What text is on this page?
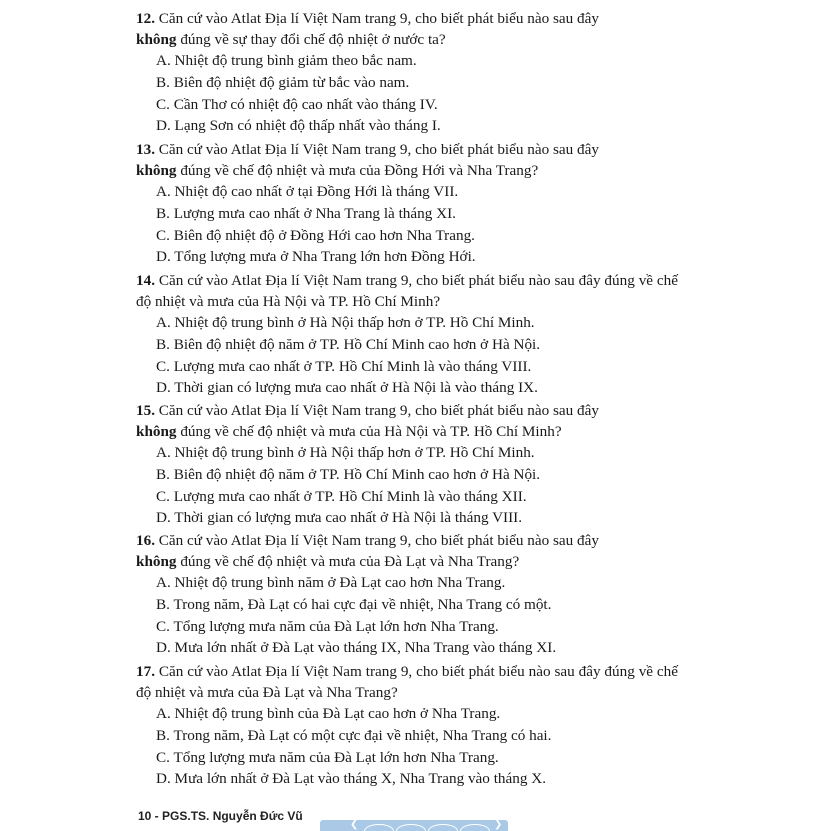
12. Căn cứ vào Atlat Địa lí Việt Nam trang 9, cho biết phát biểu nào sau đây
không đúng về sự thay đổi chế độ nhiệt ở nước ta?

A. Nhiệt độ trung bình giảm theo bắc nam.
B. Biên độ nhiệt độ giảm từ bắc vào nam.
C. Cần Thơ có nhiệt độ cao nhất vào tháng IV.
D. Lạng Sơn có nhiệt độ thấp nhất vào tháng I.

13. Căn cứ vào Atlat Địa lí Việt Nam trang 9, cho biết phát biểu nào sau đây
không đúng về chế độ nhiệt và mưa của Đồng Hới và Nha Trang?

A. Nhiệt độ cao nhất ở tại Đồng Hới là tháng VII.
B. Lượng mưa cao nhất ở Nha Trang là tháng XI.
C. Biên độ nhiệt độ ở Đồng Hới cao hơn Nha Trang.
D. Tổng lượng mưa ở Nha Trang lớn hơn Đồng Hới.

14. Căn cứ vào Atlat Địa lí Việt Nam trang 9, cho biết phát biểu nào sau đây đúng về chế độ nhiệt và mưa của Hà Nội và TP. Hồ Chí Minh?

A. Nhiệt độ trung bình ở Hà Nội thấp hơn ở TP. Hồ Chí Minh.
B. Biên độ nhiệt độ năm ở TP. Hồ Chí Minh cao hơn ở Hà Nội.
C. Lượng mưa cao nhất ở TP. Hồ Chí Minh là vào tháng VIII.
D. Thời gian có lượng mưa cao nhất ở Hà Nội là vào tháng IX.

15. Căn cứ vào Atlat Địa lí Việt Nam trang 9, cho biết phát biểu nào sau đây
không đúng về chế độ nhiệt và mưa của Hà Nội và TP. Hồ Chí Minh?

A. Nhiệt độ trung bình ở Hà Nội thấp hơn ở TP. Hồ Chí Minh.
B. Biên độ nhiệt độ năm ở TP. Hồ Chí Minh cao hơn ở Hà Nội.
C. Lượng mưa cao nhất ở TP. Hồ Chí Minh là vào tháng XII.
D. Thời gian có lượng mưa cao nhất ở Hà Nội là tháng VIII.

16. Căn cứ vào Atlat Địa lí Việt Nam trang 9, cho biết phát biểu nào sau đây
không đúng về chế độ nhiệt và mưa của Đà Lạt và Nha Trang?

A. Nhiệt độ trung bình năm ở Đà Lạt cao hơn Nha Trang.
B. Trong năm, Đà Lạt có hai cực đại về nhiệt, Nha Trang có một.
C. Tổng lượng mưa năm của Đà Lạt lớn hơn Nha Trang.
D. Mưa lớn nhất ở Đà Lạt vào tháng IX, Nha Trang vào tháng XI.

17. Căn cứ vào Atlat Địa lí Việt Nam trang 9, cho biết phát biểu nào sau đây đúng về chế độ nhiệt và mưa của Đà Lạt và Nha Trang?

A. Nhiệt độ trung bình của Đà Lạt cao hơn ở Nha Trang.
B. Trong năm, Đà Lạt có một cực đại về nhiệt, Nha Trang có hai.
C. Tổng lượng mưa năm của Đà Lạt lớn hơn Nha Trang.
D. Mưa lớn nhất ở Đà Lạt vào tháng X, Nha Trang vào tháng X.
10 - PGS.TS. Nguyễn Đức Vũ
❮	❯
